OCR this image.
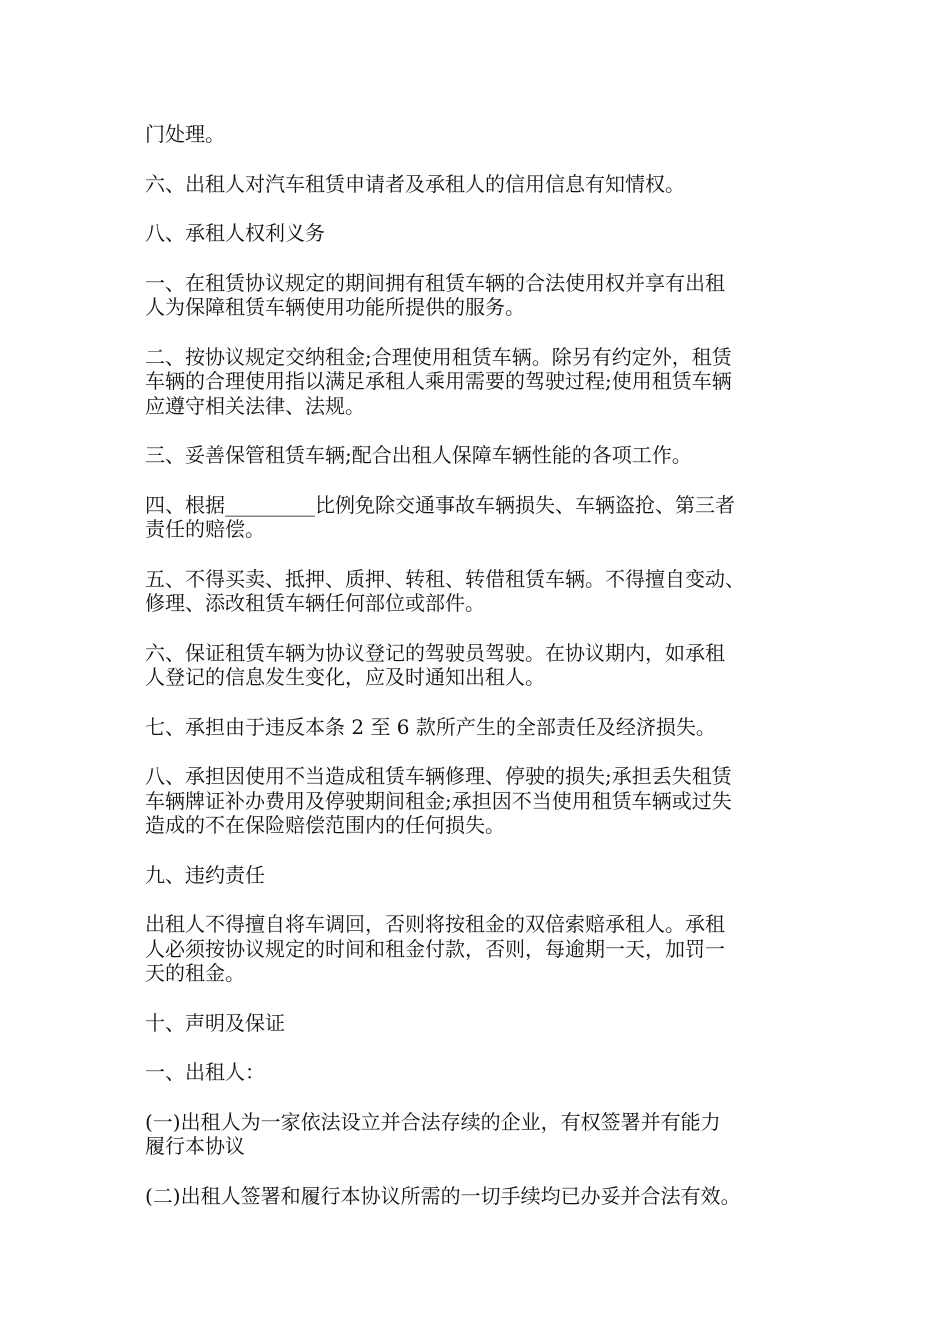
门处理。
六、出租人对汽车租赁申请者及承租人的信用信息有知情权。
八、承租人权利义务
一、在租赁协议规定的期间拥有租赁车辆的合法使用权并享有出租
人为保障租赁车辆使用功能所提供的服务。
二、按协议规定交纳租金;合理使用租赁车辆。除另有约定外，租赁
车辆的合理使用指以满足承租人乘用需要的驾驶过程;使用租赁车辆
应遵守相关法律、法规。
三、妥善保管租赁车辆;配合出租人保障车辆性能的各项工作。
四、根据_________比例免除交通事故车辆损失、车辆盗抢、第三者
责任的赔偿。
五、不得买卖、抵押、质押、转租、转借租赁车辆。不得擅自变动、
修理、添改租赁车辆任何部位或部件。
六、保证租赁车辆为协议登记的驾驶员驾驶。在协议期内，如承租
人登记的信息发生变化，应及时通知出租人。
七、承担由于违反本条 2 至 6 款所产生的全部责任及经济损失。
八、承担因使用不当造成租赁车辆修理、停驶的损失;承担丢失租赁
车辆牌证补办费用及停驶期间租金;承担因不当使用租赁车辆或过失
造成的不在保险赔偿范围内的任何损失。
九、违约责任
出租人不得擅自将车调回，否则将按租金的双倍索赔承租人。承租
人必须按协议规定的时间和租金付款，否则，每逾期一天，加罚一
天的租金。
十、声明及保证
一、出租人：
(一)出租人为一家依法设立并合法存续的企业，有权签署并有能力
履行本协议
(二)出租人签署和履行本协议所需的一切手续均已办妥并合法有效。
